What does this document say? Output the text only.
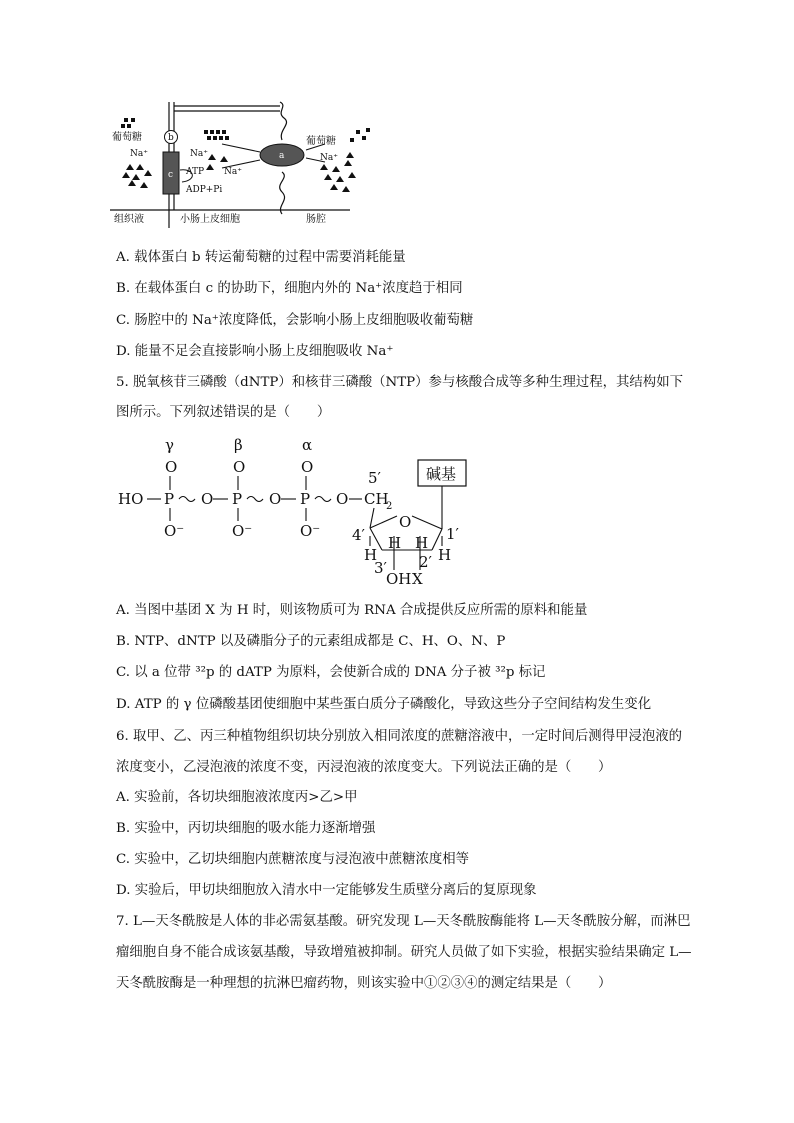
葡萄糖	葡萄糖
Na⁺	Na⁺
Na⁺
Na⁺
ATP
ADP+Pi
b
c
a
组织液	小肠上皮细胞	肠腔
A. 载体蛋白 b 转运葡萄糖的过程中需要消耗能量
B. 在载体蛋白 c 的协助下，细胞内外的 Na⁺浓度趋于相同
C. 肠腔中的 Na⁺浓度降低，会影响小肠上皮细胞吸收葡萄糖
D. 能量不足会直接影响小肠上皮细胞吸收 Na⁺
5. 脱氧核苷三磷酸（dNTP）和核苷三磷酸（NTP）参与核酸合成等多种生理过程，其结构如下
图所示。下列叙述错误的是（　　）
γ	β	α
O	O	O
HO P O P O P O CH
2
O⁻	O⁻	O⁻
5′
O
4′	1′
H
H H
H
3′ 2′
OH X
碱基
A. 当图中基团 X 为 H 时，则该物质可为 RNA 合成提供反应所需的原料和能量
B. NTP、dNTP 以及磷脂分子的元素组成都是 C、H、O、N、P
C. 以 a 位带 ³²p 的 dATP 为原料，会使新合成的 DNA 分子被 ³²p 标记
D. ATP 的 γ 位磷酸基团使细胞中某些蛋白质分子磷酸化，导致这些分子空间结构发生变化
6. 取甲、乙、丙三种植物组织切块分别放入相同浓度的蔗糖溶液中，一定时间后测得甲浸泡液的
浓度变小，乙浸泡液的浓度不变，丙浸泡液的浓度变大。下列说法正确的是（　　）
A. 实验前，各切块细胞液浓度丙>乙>甲
B. 实验中，丙切块细胞的吸水能力逐渐增强
C. 实验中，乙切块细胞内蔗糖浓度与浸泡液中蔗糖浓度相等
D. 实验后，甲切块细胞放入清水中一定能够发生质壁分离后的复原现象
7. L—天冬酰胺是人体的非必需氨基酸。研究发现 L—天冬酰胺酶能将 L—天冬酰胺分解，而淋巴
瘤细胞自身不能合成该氨基酸，导致增殖被抑制。研究人员做了如下实验，根据实验结果确定 L—
天冬酰胺酶是一种理想的抗淋巴瘤药物，则该实验中①②③④的测定结果是（　　）
